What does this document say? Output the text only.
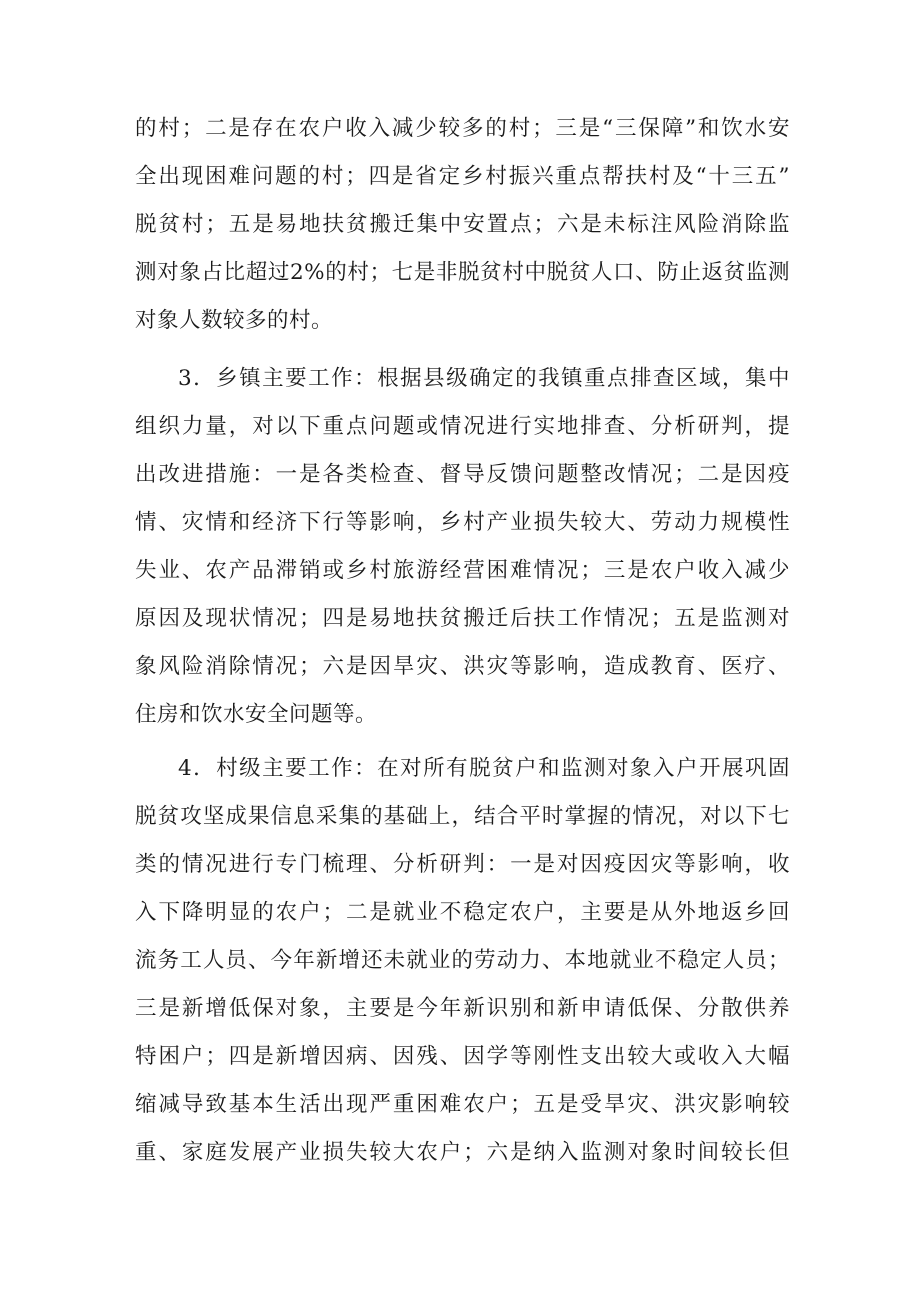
的村；二是存在农户收入减少较多的村；三是“三保障”和饮水安
全出现困难问题的村；四是省定乡村振兴重点帮扶村及“十三五”
脱贫村；五是易地扶贫搬迁集中安置点；六是未标注风险消除监
测对象占比超过2%的村；七是非脱贫村中脱贫人口、防止返贫监测
对象人数较多的村。
3．乡镇主要工作：根据县级确定的我镇重点排查区域，集中
组织力量，对以下重点问题或情况进行实地排查、分析研判，提
出改进措施：一是各类检查、督导反馈问题整改情况；二是因疫
情、灾情和经济下行等影响，乡村产业损失较大、劳动力规模性
失业、农产品滞销或乡村旅游经营困难情况；三是农户收入减少
原因及现状情况；四是易地扶贫搬迁后扶工作情况；五是监测对
象风险消除情况；六是因旱灾、洪灾等影响，造成教育、医疗、
住房和饮水安全问题等。
4．村级主要工作：在对所有脱贫户和监测对象入户开展巩固
脱贫攻坚成果信息采集的基础上，结合平时掌握的情况，对以下七
类的情况进行专门梳理、分析研判：一是对因疫因灾等影响，收
入下降明显的农户；二是就业不稳定农户，主要是从外地返乡回
流务工人员、今年新增还未就业的劳动力、本地就业不稳定人员；
三是新增低保对象，主要是今年新识别和新申请低保、分散供养
特困户；四是新增因病、因残、因学等刚性支出较大或收入大幅
缩减导致基本生活出现严重困难农户；五是受旱灾、洪灾影响较
重、家庭发展产业损失较大农户；六是纳入监测对象时间较长但
